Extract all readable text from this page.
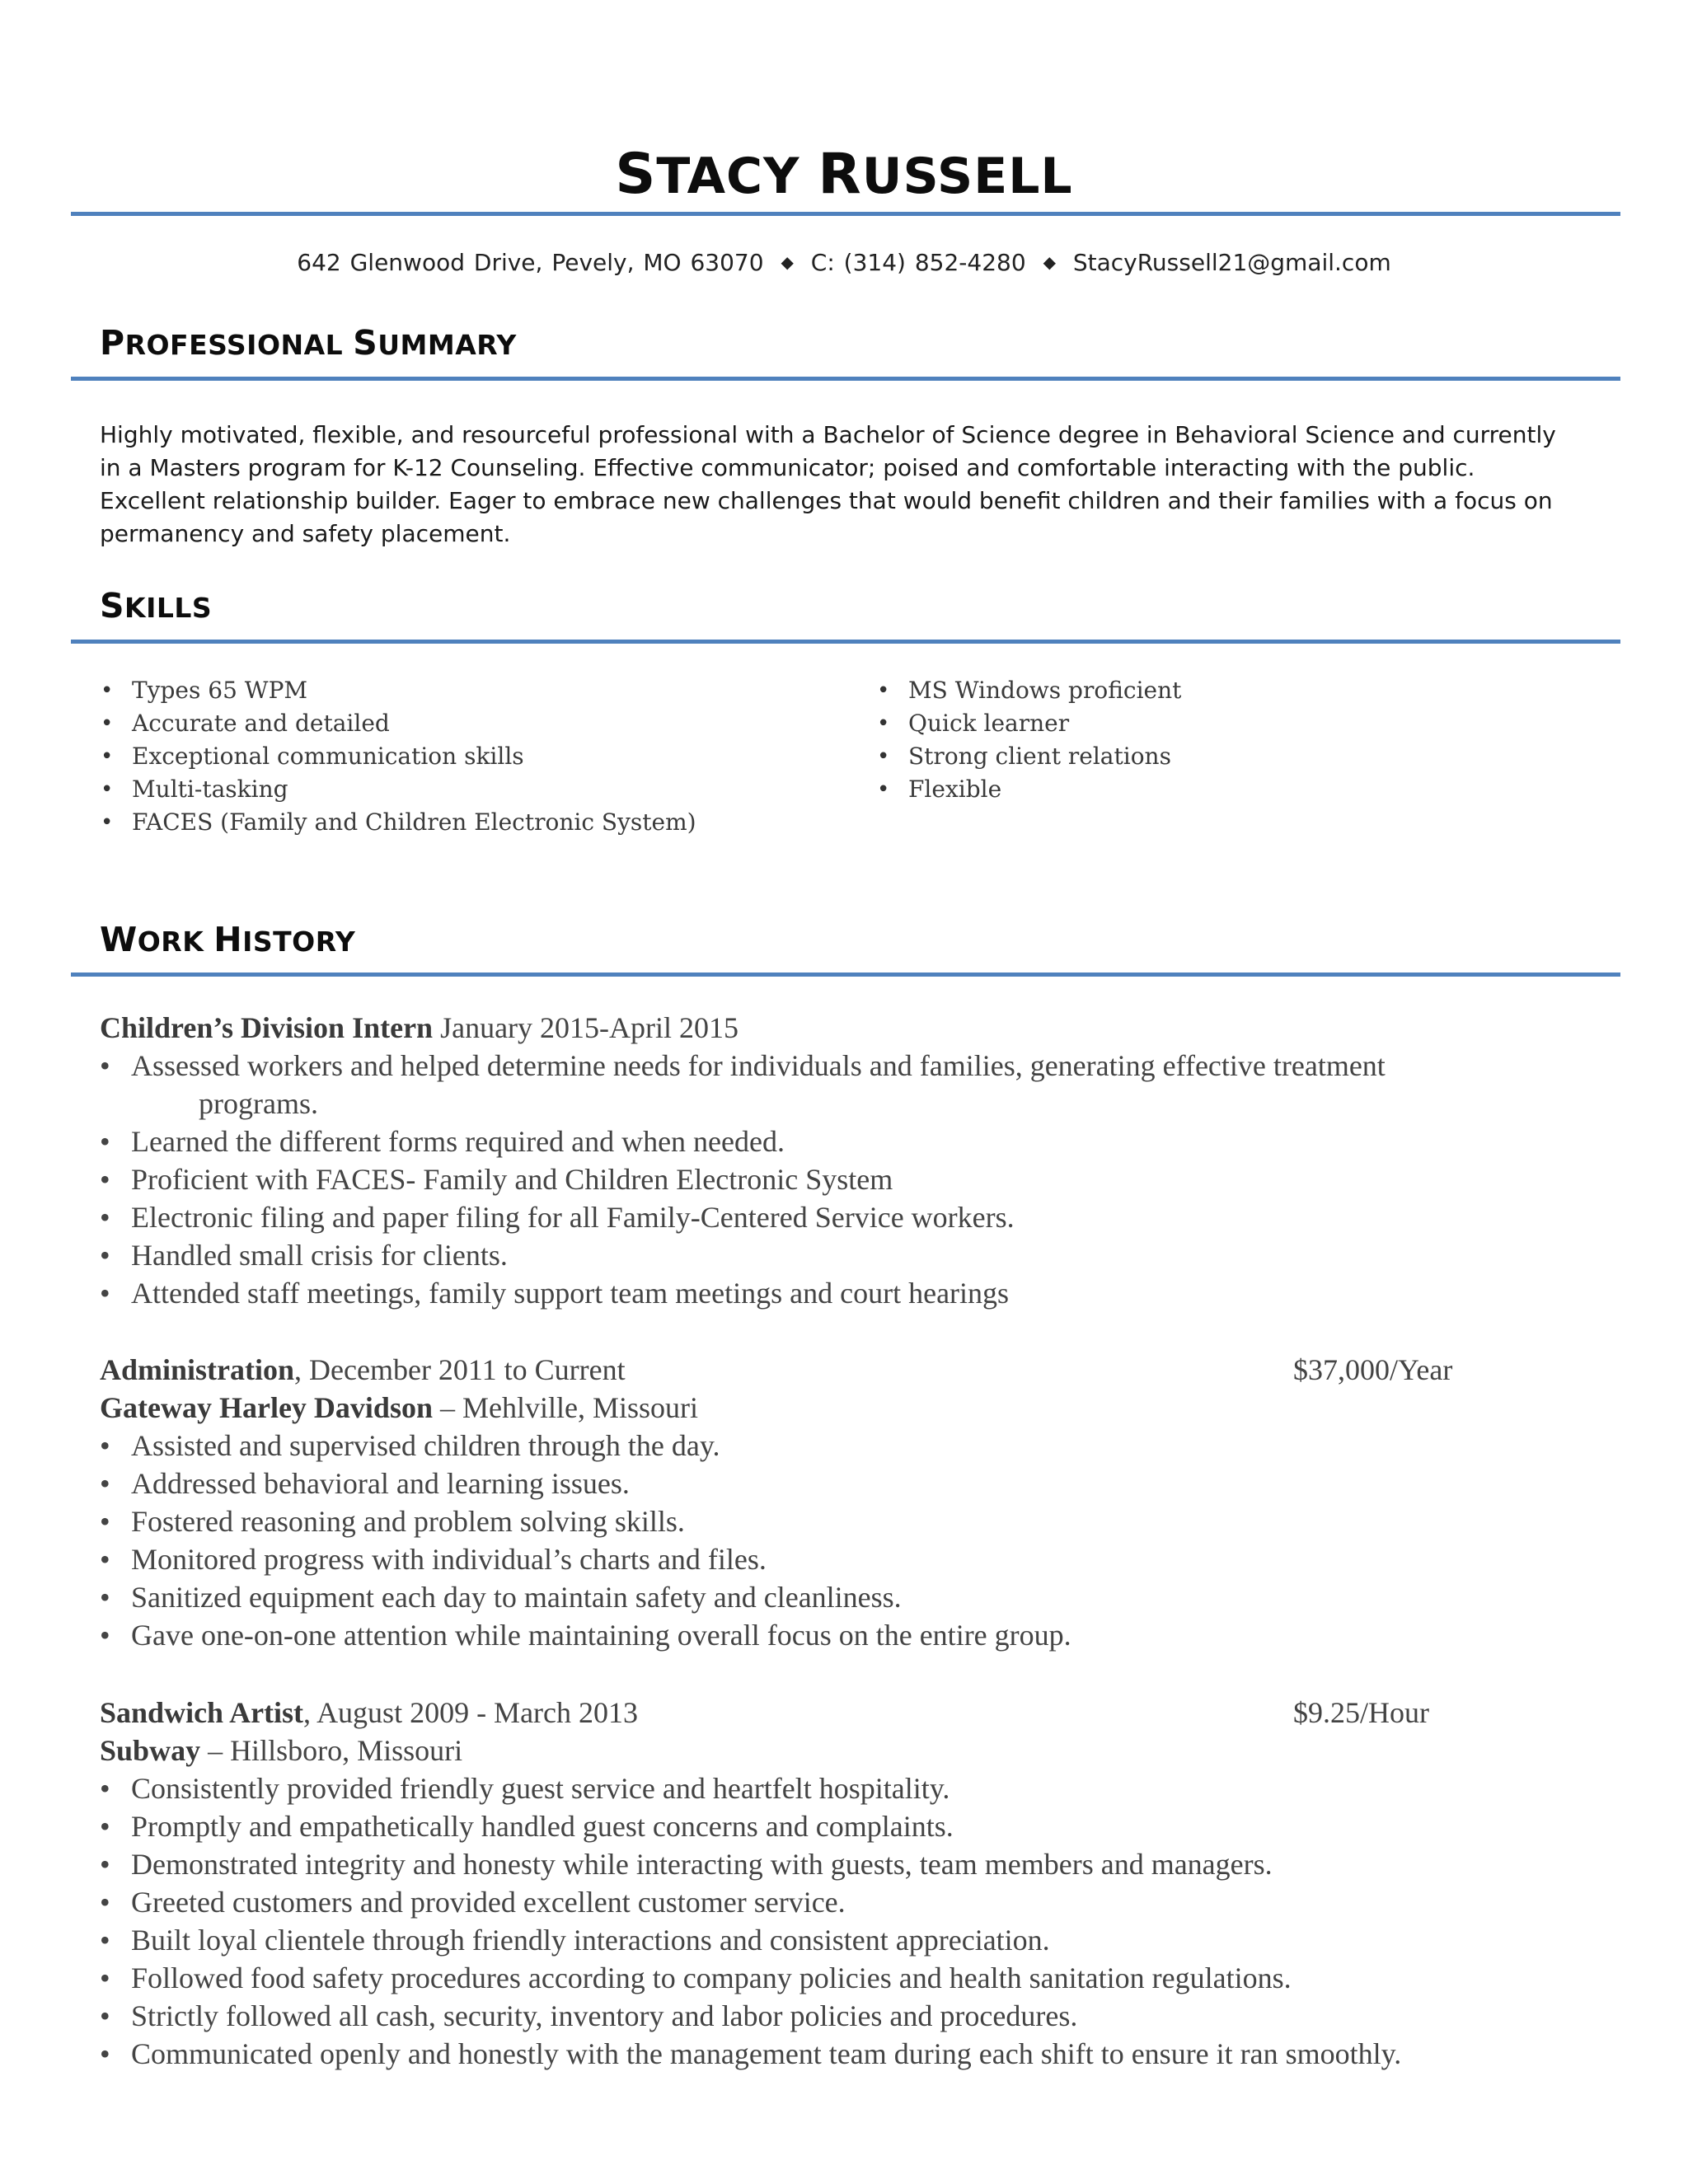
STACY RUSSELL
642 Glenwood Drive, Pevely, MO 63070 ◆ C: (314) 852-4280 ◆ StacyRussell21@gmail.com
PROFESSIONAL SUMMARY
Highly motivated, flexible, and resourceful professional with a Bachelor of Science degree in Behavioral Science and currently in a Masters program for K-12 Counseling. Effective communicator; poised and comfortable interacting with the public. Excellent relationship builder. Eager to embrace new challenges that would benefit children and their families with a focus on permanency and safety placement.
SKILLS
• Types 65 WPM
• Accurate and detailed
• Exceptional communication skills
• Multi-tasking
• FACES (Family and Children Electronic System)
• MS Windows proficient
• Quick learner
• Strong client relations
• Flexible
WORK HISTORY
Children’s Division Intern January 2015-April 2015
• Assessed workers and helped determine needs for individuals and families, generating effective treatment
programs.
• Learned the different forms required and when needed.
• Proficient with FACES- Family and Children Electronic System
• Electronic filing and paper filing for all Family-Centered Service workers.
• Handled small crisis for clients.
• Attended staff meetings, family support team meetings and court hearings
Administration, December 2011 to Current	$37,000/Year
Gateway Harley Davidson – Mehlville, Missouri
• Assisted and supervised children through the day.
• Addressed behavioral and learning issues.
• Fostered reasoning and problem solving skills.
• Monitored progress with individual’s charts and files.
• Sanitized equipment each day to maintain safety and cleanliness.
• Gave one-on-one attention while maintaining overall focus on the entire group.
Sandwich Artist, August 2009 - March 2013	$9.25/Hour
Subway – Hillsboro, Missouri
• Consistently provided friendly guest service and heartfelt hospitality.
• Promptly and empathetically handled guest concerns and complaints.
• Demonstrated integrity and honesty while interacting with guests, team members and managers.
• Greeted customers and provided excellent customer service.
• Built loyal clientele through friendly interactions and consistent appreciation.
• Followed food safety procedures according to company policies and health sanitation regulations.
• Strictly followed all cash, security, inventory and labor policies and procedures.
• Communicated openly and honestly with the management team during each shift to ensure it ran smoothly.
